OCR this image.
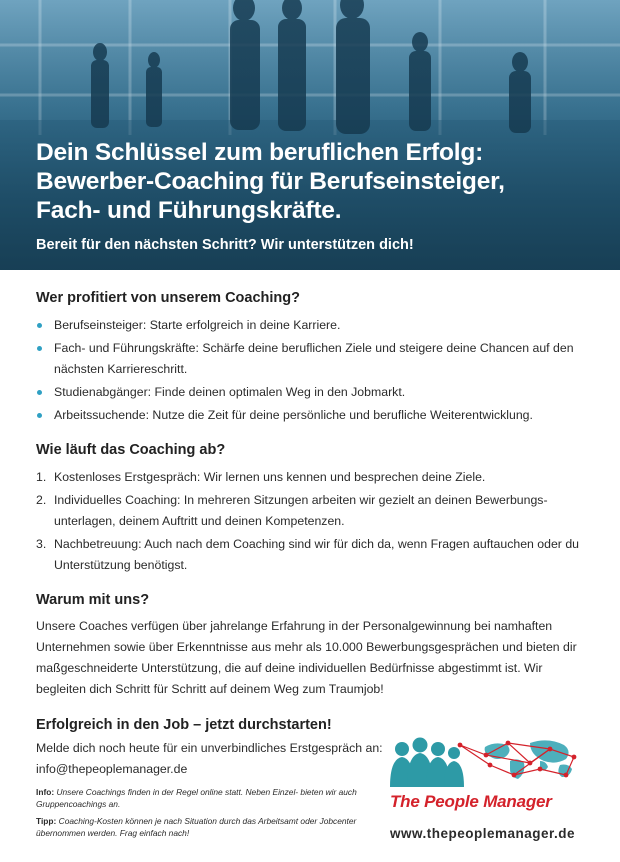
Dein Schlüssel zum beruflichen Erfolg:
Bewerber-Coaching für Berufseinsteiger,
Fach- und Führungskräfte.
Bereit für den nächsten Schritt? Wir unterstützen dich!
Wer profitiert von unserem Coaching?
Berufseinsteiger: Starte erfolgreich in deine Karriere.
Fach- und Führungskräfte: Schärfe deine beruflichen Ziele und steigere deine Chancen auf den nächsten Karriereschritt.
Studienabgänger: Finde deinen optimalen Weg in den Jobmarkt.
Arbeitssuchende: Nutze die Zeit für deine persönliche und berufliche Weiterentwicklung.
Wie läuft das Coaching ab?
1. Kostenloses Erstgespräch: Wir lernen uns kennen und besprechen deine Ziele.
2. Individuelles Coaching: In mehreren Sitzungen arbeiten wir gezielt an deinen Bewerbungs-unterlagen, deinem Auftritt und deinen Kompetenzen.
3. Nachbetreuung: Auch nach dem Coaching sind wir für dich da, wenn Fragen auftauchen oder du Unterstützung benötigst.
Warum mit uns?

Unsere Coaches verfügen über jahrelange Erfahrung in der Personalgewinnung bei namhaften Unternehmen sowie über Erkenntnisse aus mehr als 10.000 Bewerbungsgesprächen und bieten dir maßgeschneiderte Unterstützung, die auf deine individuellen Bedürfnisse abgestimmt ist. Wir begleiten dich Schritt für Schritt auf deinem Weg zum Traumjob!

Erfolgreich in den Job – jetzt durchstarten!
Melde dich noch heute für ein unverbindliches Erstgespräch an:
info@thepeoplemanager.de
Info: Unsere Coachings finden in der Regel online statt. Neben Einzel- bieten wir auch Gruppencoachings an.
Tipp: Coaching-Kosten können je nach Situation durch das Arbeitsamt oder Jobcenter übernommen werden. Frag einfach nach!
The People Manager
www.thepeoplemanager.de
